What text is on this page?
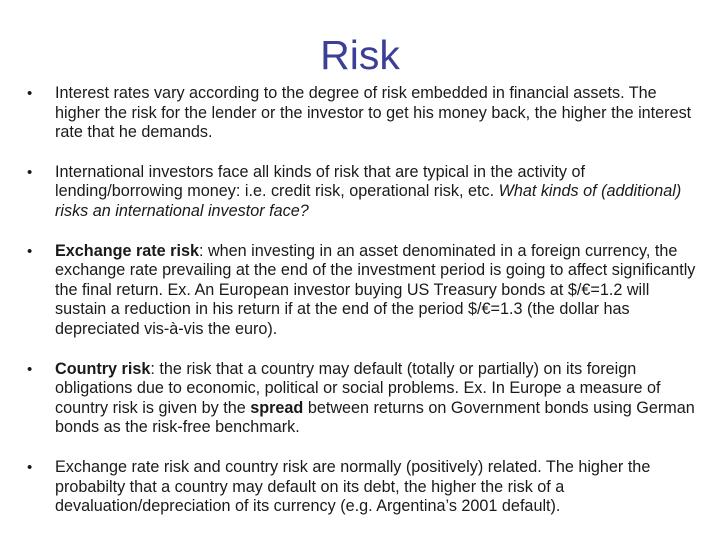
Risk
• Interest rates vary according to the degree of risk embedded in financial assets. The higher the risk for the lender or the investor to get his money back, the higher the interest rate that he demands.
• International investors face all kinds of risk that are typical in the activity of lending/borrowing money: i.e. credit risk, operational risk, etc. What kinds of (additional) risks an international investor face?
• Exchange rate risk: when investing in an asset denominated in a foreign currency, the exchange rate prevailing at the end of the investment period is going to affect significantly the final return. Ex. An European investor buying US Treasury bonds at $/€=1.2 will sustain a reduction in his return if at the end of the period $/€=1.3 (the dollar has depreciated vis-à-vis the euro).
• Country risk: the risk that a country may default (totally or partially) on its foreign obligations due to economic, political or social problems. Ex. In Europe a measure of country risk is given by the spread between returns on Government bonds using German bonds as the risk-free benchmark.
• Exchange rate risk and country risk are normally (positively) related. The higher the probabilty that a country may default on its debt, the higher the risk of a devaluation/depreciation of its currency (e.g. Argentina’s 2001 default).
